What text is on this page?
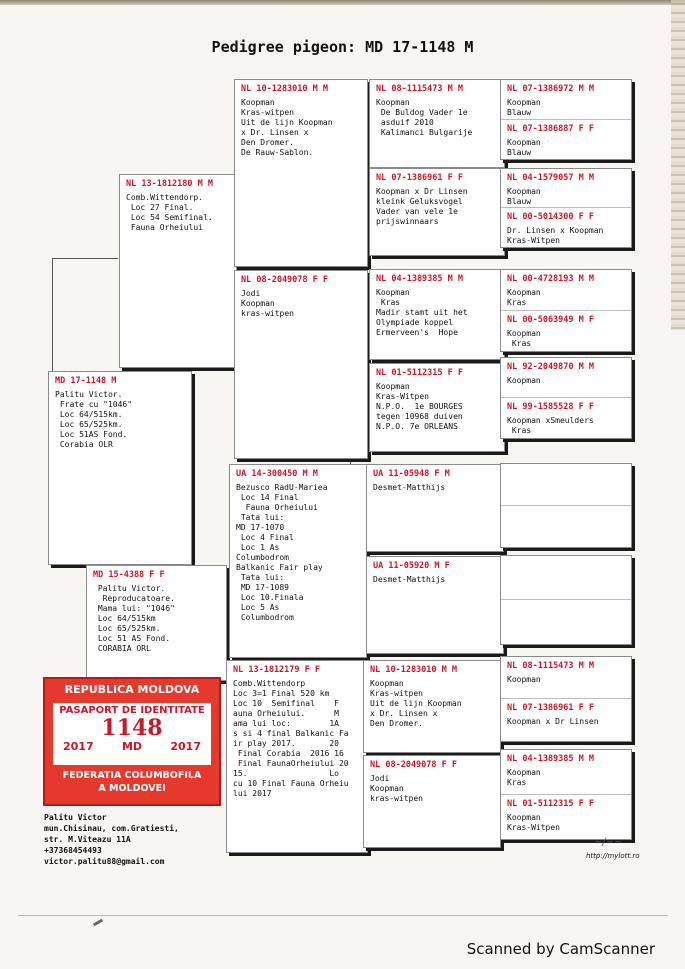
Pedigree pigeon: MD 17-1148 M
MD 17-1148 M
Palitu Victor.
Frate cu "1046"
Loc 64/515km.
Loc 65/525km.
Loc 51AS Fond.
Corabia OLR
NL 13-1812180 M M
Comb.Wittendorp.
Loc 27 Final.
Loc 54 Semifinal.
Fauna Orheiului
MD 15-4388 F F
Palitu Victor.
Reproducatoare.
Mama lui: "1046"
Loc 64/515km
Loc 65/525km.
Loc 51 AS Fond.
CORABIA ORL
NL 10-1283010 M M
Koopman
Kras-witpen
Uit de lijn Koopman
x Dr. Linsen x
Den Dromer.
De Rauw-Sablon.
NL 08-2049078 F F
Jodi
Koopman
kras-witpen
UA 14-300450 M M
Bezusco RadU-Mariea
Loc 14 Final
Fauna Orheiului
Tata lui:
MD 17-1070
Loc 4 Final
Loc 1 As
Columbodrom
Balkanic Fair play
Tata lui:
MD 17-1089
Loc 10.Finala
Loc 5 As
Columbodrom
NL 13-1812179 F F
Comb.Wittendorp
Loc 3=1 Final 520 km
Loc 10  Semifinal    F
auna Orheiului.      M
ama lui loc:        1A
s si 4 final Balkanic Fa
ir play 2017.       20
Final Corabia  2016 16
Final FaunaOrheiului 20
15.                 Lo
cu 10 Final Fauna Orheiu
lui 2017
NL 08-1115473 M M
Koopman
De Buldog Vader 1e
asduif 2010
Kalimanci Bulgarije
NL 07-1386961 F F
Koopman x Dr Linsen
kleink Geluksvogel
Vader van vele 1e
prijswinnaars
NL 04-1389385 M M
Koopman
Kras
Madir stamt uit het
Olympiade koppel
Ermerveen's  Hope
NL 01-5112315 F F
Koopman
Kras-Witpen
N.P.O.  1e BOURGES
tegen 10968 duiven
N.P.O. 7e ORLEANS
UA 11-05948 F M
Desmet-Matthijs
UA 11-05920 M F
Desmet-Matthijs
NL 10-1283010 M M
Koopman
Kras-witpen
Uit de lijn Koopman
x Dr. Linsen x
Den Dromer.
NL 08-2049078 F F
Jodi
Koopman
kras-witpen
NL 07-1386972 M M
Koopman
Blauw
NL 07-1386887 F F
Koopman
Blauw
NL 04-1579057 M M
Koopman
Blauw
NL 00-5014300 F F
Dr. Linsen x Koopman
Kras-Witpen
NL 00-4728193 M M
Koopman
Kras
NL 00-5063949 M F
Koopman
Kras
NL 92-2049870 M M
Koopman
NL 99-1585528 F F
Koopman xSmeulders
Kras
NL 08-1115473 M M
Koopman
NL 07-1386961 F F
Koopman x Dr Linsen
NL 04-1389385 M M
Koopman
Kras
NL 01-5112315 F F
Koopman
Kras-Witpen
REPUBLICA MOLDOVA
PASAPORT DE IDENTITATE
1148
2017	MD	2017
FEDERATIA COLUMBOFILA
A MOLDOVEI
Palitu Victor
mun.Chisinau, com.Gratiesti,
str. M.Viteazu 11A
+37368454493
victor.palitu88@gmail.com
~/~~
http://mylott.ro
Scanned by CamScanner
